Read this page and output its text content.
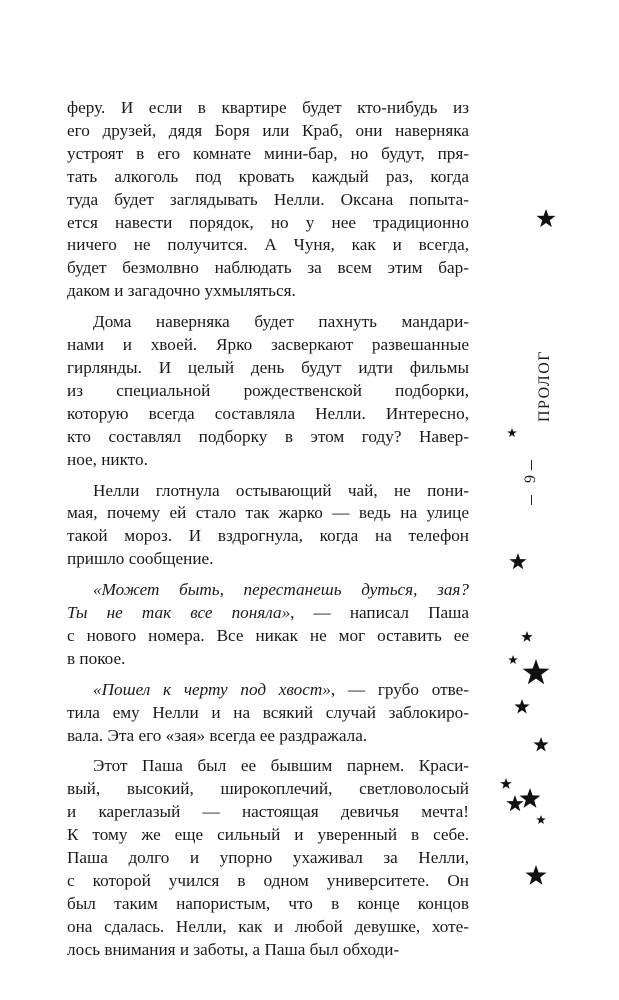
феру. И если в квартире будет кто-нибудь из
его друзей, дядя Боря или Краб, они наверняка
устроят в его комнате мини-бар, но будут, пря-
тать алкоголь под кровать каждый раз, когда
туда будет заглядывать Нелли. Оксана попыта-
ется навести порядок, но у нее традиционно
ничего не получится. А Чуня, как и всегда,
будет безмолвно наблюдать за всем этим бар-
даком и загадочно ухмыляться.

Дома наверняка будет пахнуть мандари-
нами и хвоей. Ярко засверкают развешанные
гирлянды. И целый день будут идти фильмы
из специальной рождественской подборки,
которую всегда составляла Нелли. Интересно,
кто составлял подборку в этом году? Навер-
ное, никто.

Нелли глотнула остывающий чай, не пони-
мая, почему ей стало так жарко — ведь на улице
такой мороз. И вздрогнула, когда на телефон
пришло сообщение.

«Может быть, перестанешь дуться, зая?
Ты не так все поняла», — написал Паша
с нового номера. Все никак не мог оставить ее
в покое.

«Пошел к черту под хвост», — грубо отве-
тила ему Нелли и на всякий случай заблокиро-
вала. Эта его «зая» всегда ее раздражала.

Этот Паша был ее бывшим парнем. Краси-
вый, высокий, широкоплечий, светловолосый
и кареглазый — настоящая девичья мечта!
К тому же еще сильный и уверенный в себе.
Паша долго и упорно ухаживал за Нелли,
с которой учился в одном университете. Он
был таким напористым, что в конце концов
она сдалась. Нелли, как и любой девушке, хоте-
лось внимания и заботы, а Паша был обходи-

ПРОЛОГ
9
